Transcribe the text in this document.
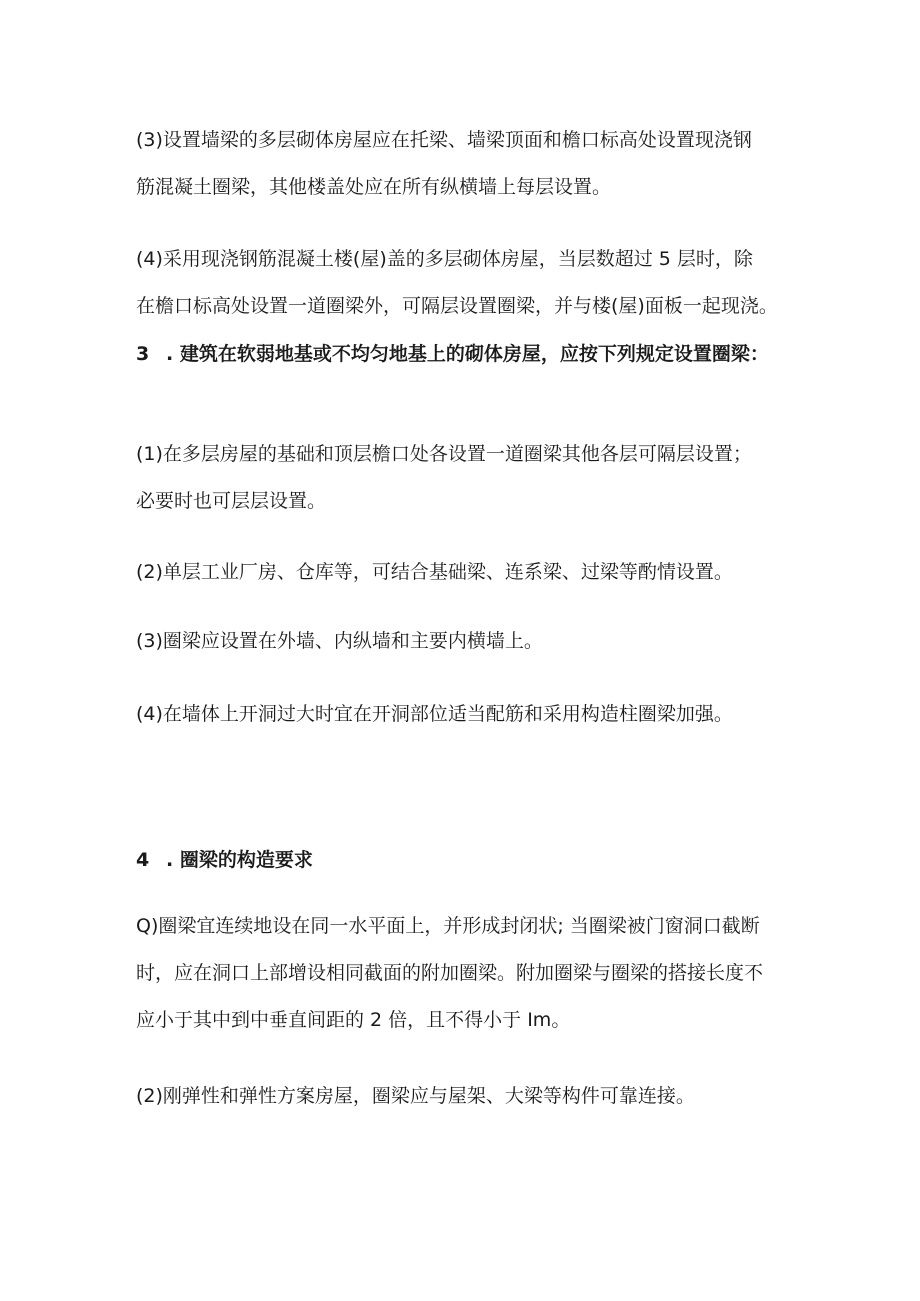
(3)设置墙梁的多层砌体房屋应在托梁、墙梁顶面和檐口标高处设置现浇钢
筋混凝土圈梁，其他楼盖处应在所有纵横墙上每层设置。

(4)采用现浇钢筋混凝土楼(屋)盖的多层砌体房屋，当层数超过 5 层时，除
在檐口标高处设置一道圈梁外，可隔层设置圈梁，并与楼(屋)面板一起现浇。

3 . 建筑在软弱地基或不均匀地基上的砌体房屋，应按下列规定设置圈梁：

(1)在多层房屋的基础和顶层檐口处各设置一道圈梁其他各层可隔层设置；
必要时也可层层设置。

(2)单层工业厂房、仓库等，可结合基础梁、连系梁、过梁等酌情设置。

(3)圈梁应设置在外墙、内纵墙和主要内横墙上。

(4)在墙体上开洞过大时宜在开洞部位适当配筋和采用构造柱圈梁加强。

4 . 圈梁的构造要求

Q)圈梁宜连续地设在同一水平面上，并形成封闭状; 当圈梁被门窗洞口截断
时，应在洞口上部增设相同截面的附加圈梁。附加圈梁与圈梁的搭接长度不
应小于其中到中垂直间距的 2 倍，且不得小于 Im。

(2)刚弹性和弹性方案房屋，圈梁应与屋架、大梁等构件可靠连接。
